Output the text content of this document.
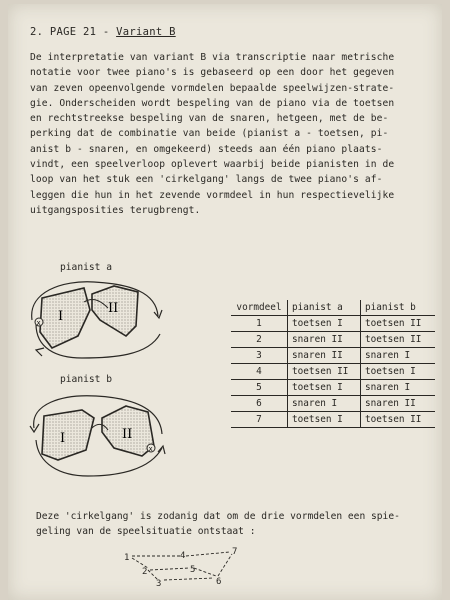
2. PAGE 21 - Variant B
De interpretatie van variant B via transcriptie naar metrische
notatie voor twee piano's is gebaseerd op een door het gegeven
van zeven opeenvolgende vormdelen bepaalde speelwijzen-strate-
gie. Onderscheiden wordt bespeling van de piano via de toetsen
en rechtstreekse bespeling van de snaren, hetgeen, met de be-
perking dat de combinatie van beide (pianist a - toetsen, pi-
anist b - snaren, en omgekeerd) steeds aan één piano plaats-
vindt, een speelverloop oplevert waarbij beide pianisten in de
loop van het stuk een 'cirkelgang' langs de twee piano's af-
leggen die hun in het zevende vormdeel in hun respectievelijke
uitgangsposities terugbrengt.
pianist a
x I
II
pianist b
x
I	II
vormdeel	pianist a	pianist b
1	toetsen I	toetsen II
2	snaren II	toetsen II
3	snaren II	snaren I
4	toetsen II	toetsen I
5	toetsen I	snaren I
6	snaren I	snaren II
7	toetsen I	toetsen II
Deze 'cirkelgang' is zodanig dat om de drie vormdelen een spie-
geling van de speelsituatie ontstaat :
1
2
3
4
5
6
7
